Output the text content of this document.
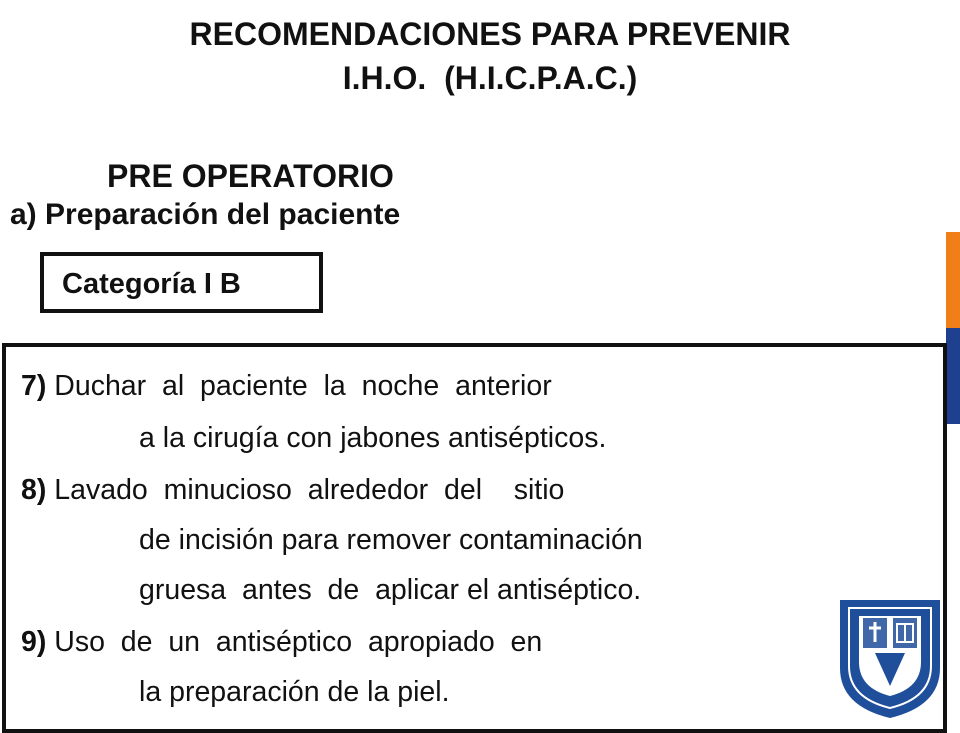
RECOMENDACIONES PARA PREVENIR
I.H.O.  (H.I.C.P.A.C.)
PRE OPERATORIO
a) Preparación del paciente
Categoría I B
7) Duchar  al  paciente  la  noche  anterior
a la cirugía con jabones antisépticos.
8) Lavado  minucioso  alrededor  del    sitio
de incisión para remover contaminación
gruesa  antes  de  aplicar el antiséptico.
9) Uso  de  un  antiséptico  apropiado  en
la preparación de la piel.
